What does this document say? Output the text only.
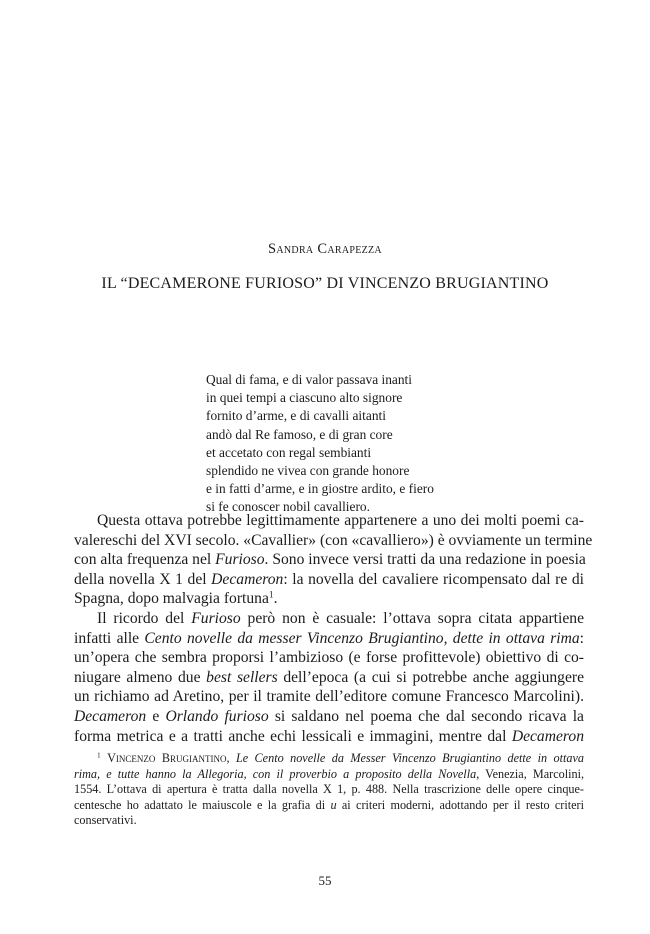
Sandra Carapezza
IL “DECAMERONE FURIOSO” DI VINCENZO BRUGIANTINO
Qual di fama, e di valor passava inanti
in quei tempi a ciascuno alto signore
fornito d’arme, e di cavalli aitanti
andò dal Re famoso, e di gran core
et accetato con regal sembianti
splendido ne vivea con grande honore
e in fatti d’arme, e in giostre ardito, e fiero
si fe conoscer nobil cavalliero.
Questa ottava potrebbe legittimamente appartenere a uno dei molti poemi ca-
valereschi del XVI secolo. «Cavallier» (con «cavalliero») è ovviamente un termine
con alta frequenza nel Furioso. Sono invece versi tratti da una redazione in poesia
della novella X 1 del Decameron: la novella del cavaliere ricompensato dal re di
Spagna, dopo malvagia fortuna$^1$.
Il ricordo del Furioso però non è casuale: l’ottava sopra citata appartiene
infatti alle Cento novelle da messer Vincenzo Brugiantino, dette in ottava rima:
un’opera che sembra proporsi l’ambizioso (e forse profittevole) obiettivo di co-
niugare almeno due best sellers dell’epoca (a cui si potrebbe anche aggiungere
un richiamo ad Aretino, per il tramite dell’editore comune Francesco Marcolini).
Decameron e Orlando furioso si saldano nel poema che dal secondo ricava la
forma metrica e a tratti anche echi lessicali e immagini, mentre dal Decameron
$^1$ Vincenzo Brugiantino, Le Cento novelle da Messer Vincenzo Brugiantino dette in ottava
rima, e tutte hanno la Allegoria, con il proverbio a proposito della Novella, Venezia, Marcolini,
1554. L’ottava di apertura è tratta dalla novella X 1, p. 488. Nella trascrizione delle opere cinque-
centesche ho adattato le maiuscole e la grafia di u ai criteri moderni, adottando per il resto criteri
conservativi.
55
